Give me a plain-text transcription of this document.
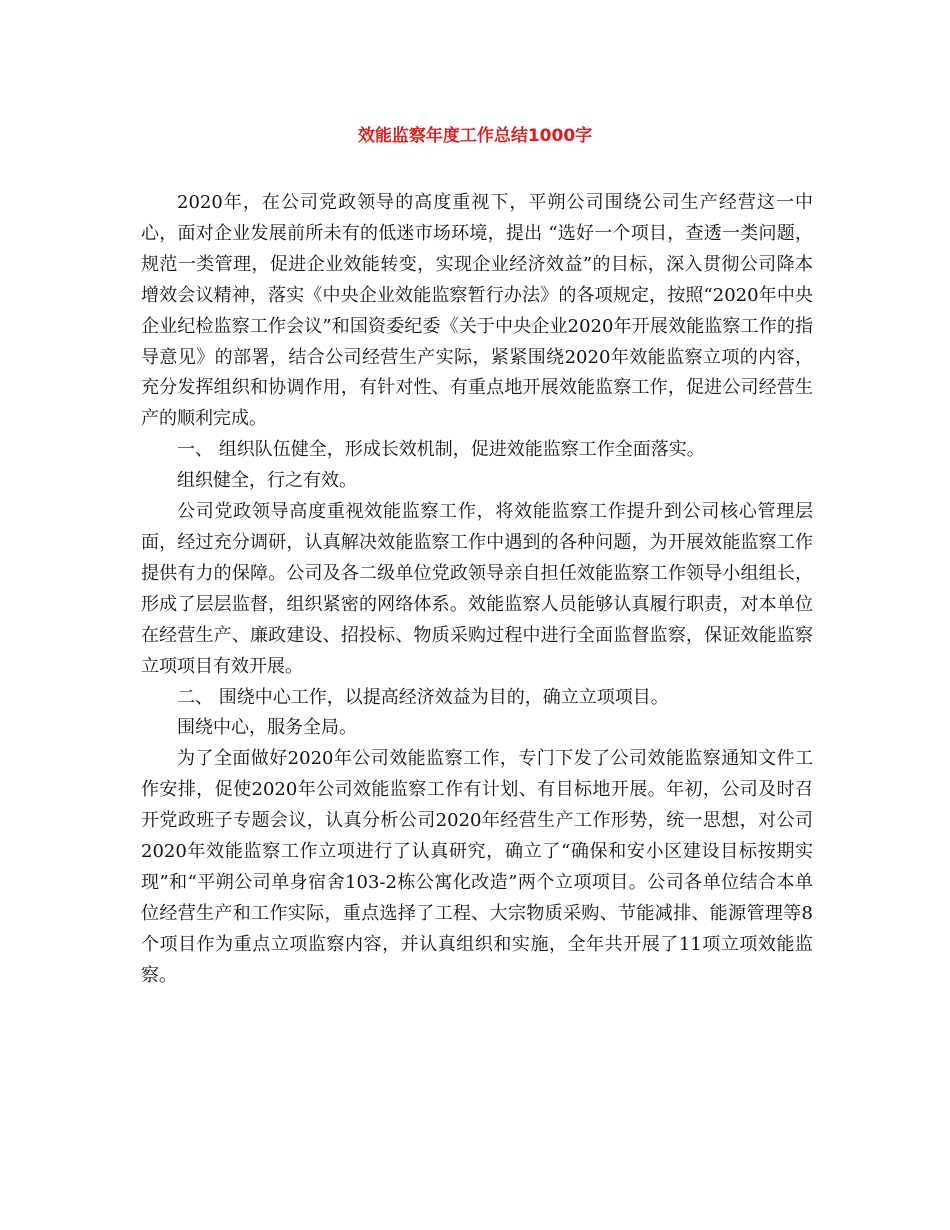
效能监察年度工作总结1000字

2020年，在公司党政领导的高度重视下，平朔公司围绕公司生产经营这一中心，面对企业发展前所未有的低迷市场环境，提出 “选好一个项目，查透一类问题，规范一类管理，促进企业效能转变，实现企业经济效益”的目标，深入贯彻公司降本增效会议精神，落实《中央企业效能监察暂行办法》的各项规定，按照“2020年中央企业纪检监察工作会议”和国资委纪委《关于中央企业2020年开展效能监察工作的指导意见》的部署，结合公司经营生产实际，紧紧围绕2020年效能监察立项的内容，充分发挥组织和协调作用，有针对性、有重点地开展效能监察工作，促进公司经营生产的顺利完成。

一、 组织队伍健全，形成长效机制，促进效能监察工作全面落实。

组织健全，行之有效。

公司党政领导高度重视效能监察工作，将效能监察工作提升到公司核心管理层面，经过充分调研，认真解决效能监察工作中遇到的各种问题，为开展效能监察工作提供有力的保障。公司及各二级单位党政领导亲自担任效能监察工作领导小组组长，形成了层层监督，组织紧密的网络体系。效能监察人员能够认真履行职责，对本单位在经营生产、廉政建设、招投标、物质采购过程中进行全面监督监察，保证效能监察立项项目有效开展。

二、 围绕中心工作，以提高经济效益为目的，确立立项项目。

围绕中心，服务全局。

为了全面做好2020年公司效能监察工作，专门下发了公司效能监察通知文件工作安排，促使2020年公司效能监察工作有计划、有目标地开展。年初，公司及时召开党政班子专题会议，认真分析公司2020年经营生产工作形势，统一思想，对公司2020年效能监察工作立项进行了认真研究，确立了“确保和安小区建设目标按期实现”和“平朔公司单身宿舍103-2栋公寓化改造”两个立项项目。公司各单位结合本单位经营生产和工作实际，重点选择了工程、大宗物质采购、节能减排、能源管理等8个项目作为重点立项监察内容，并认真组织和实施，全年共开展了11项立项效能监察。
